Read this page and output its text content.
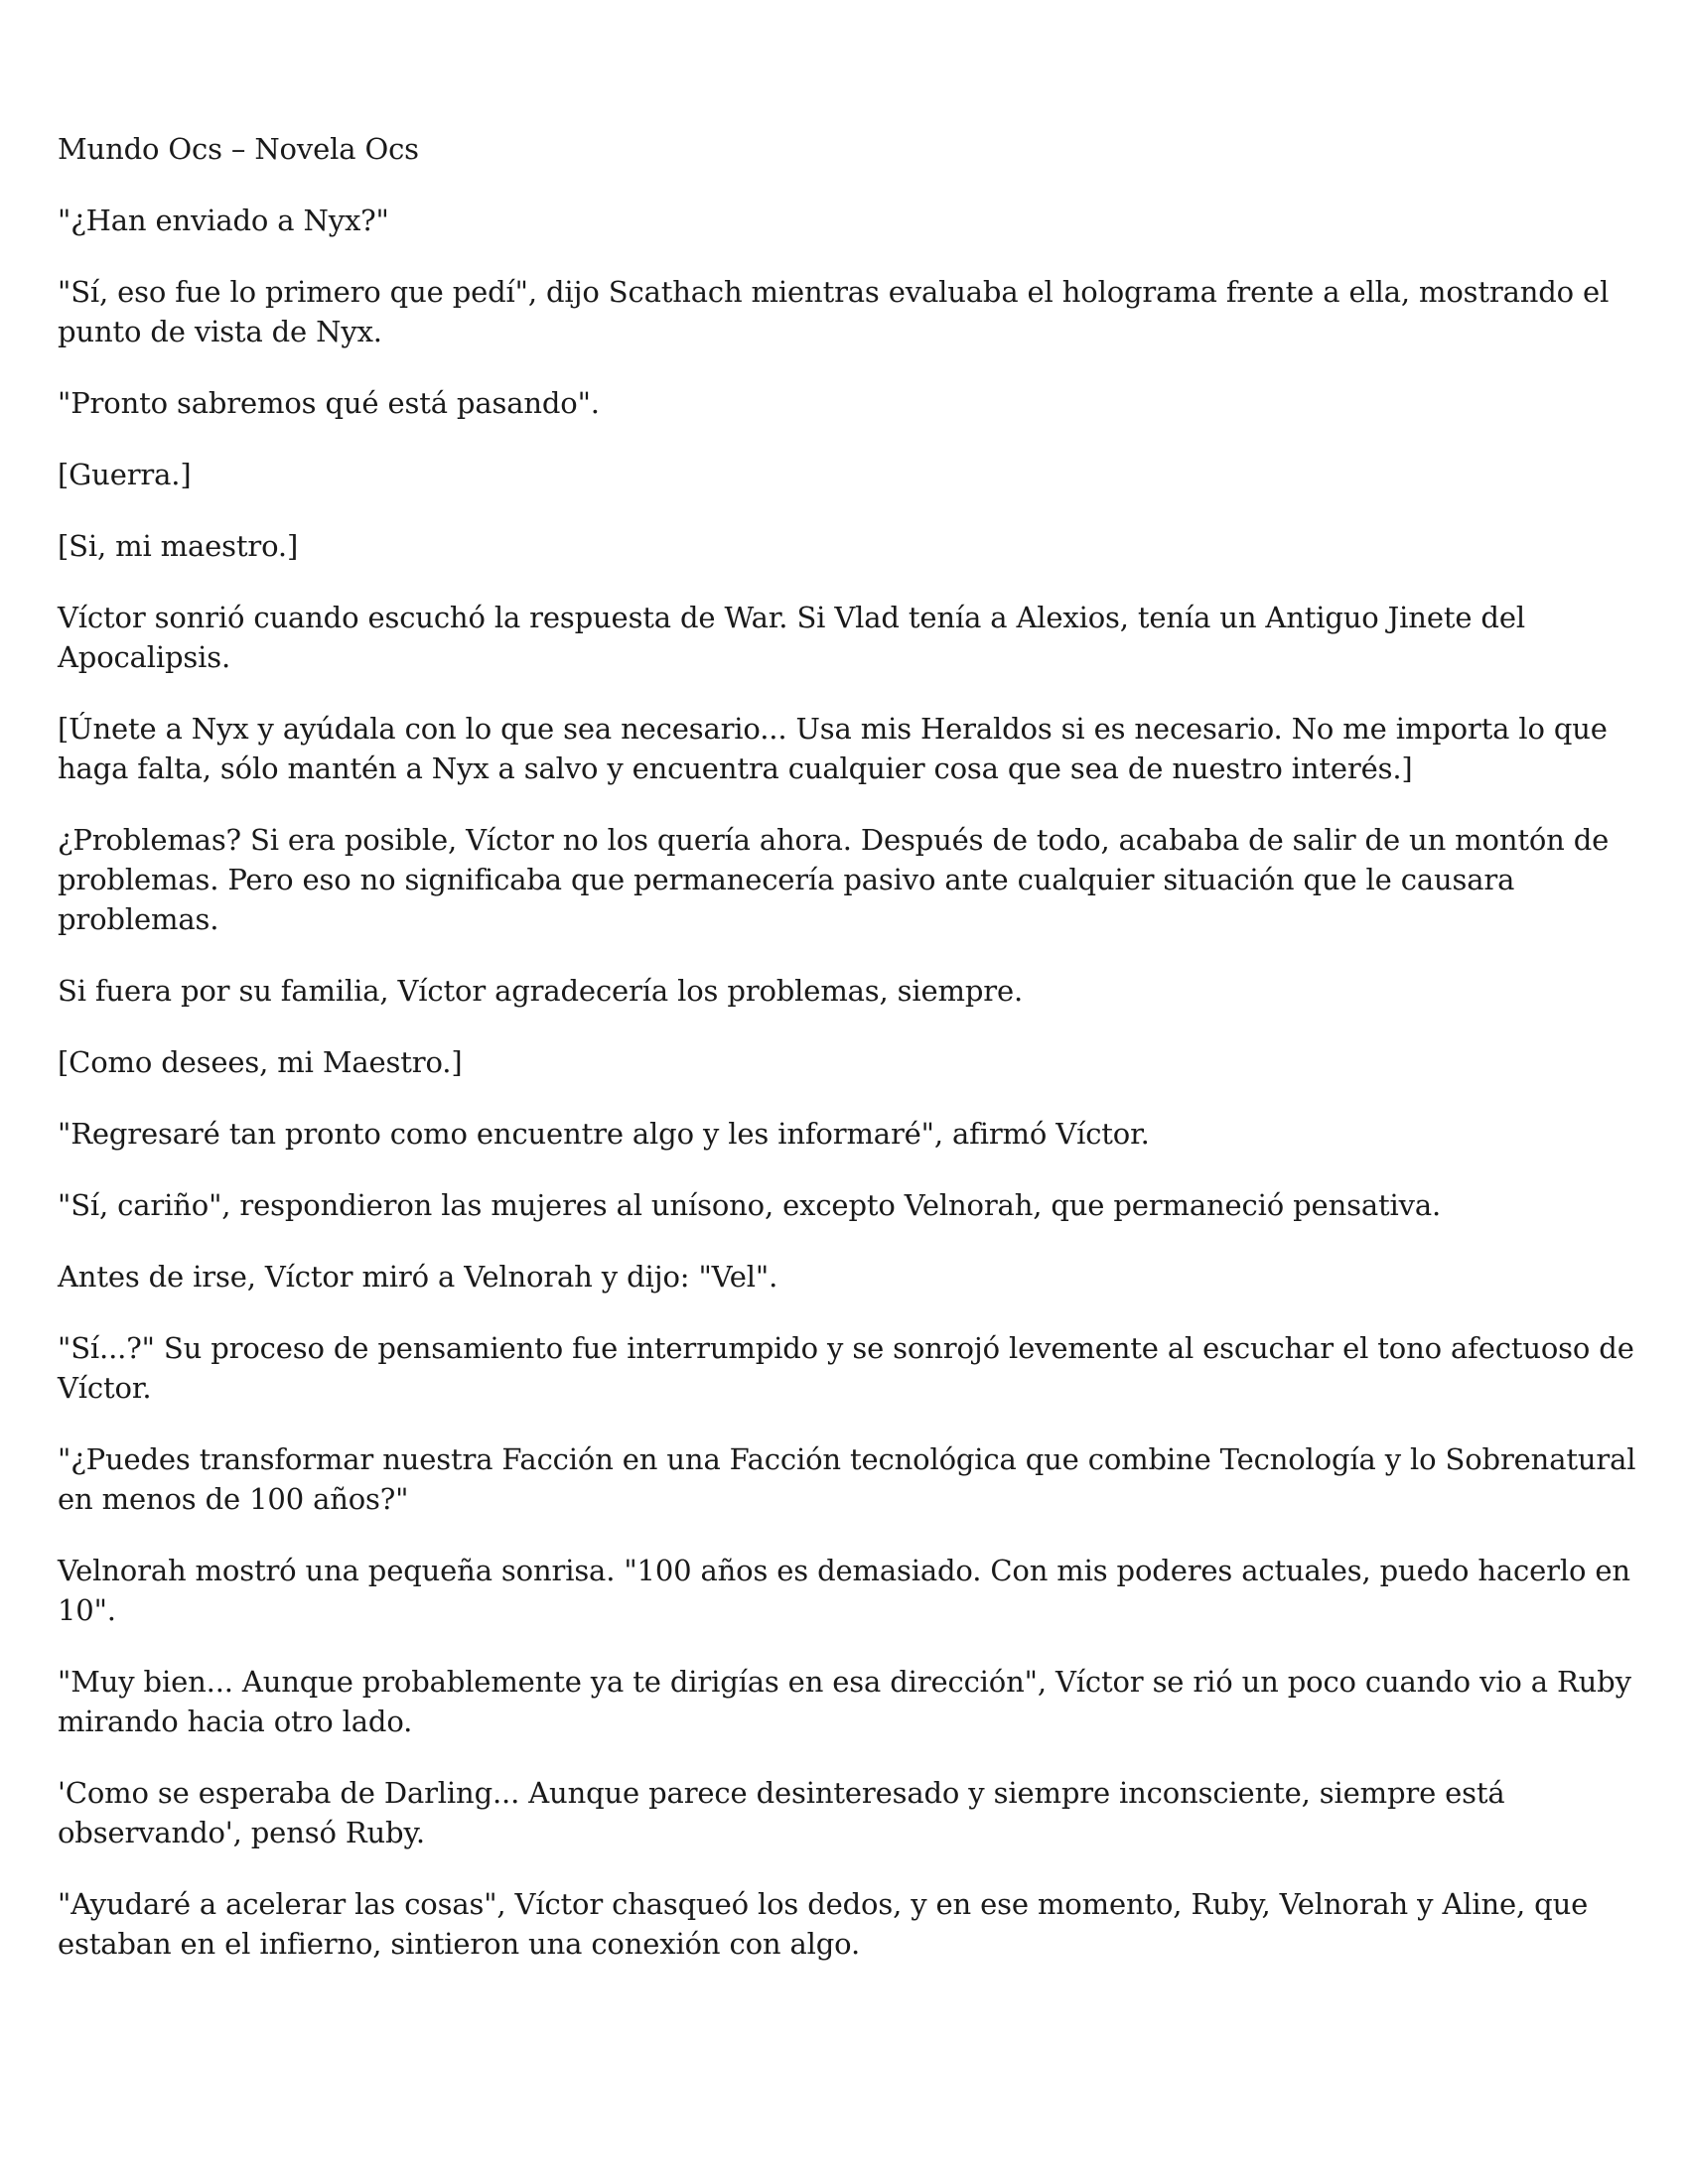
Mundo Ocs – Novela Ocs

"¿Han enviado a Nyx?"

"Sí, eso fue lo primero que pedí", dijo Scathach mientras evaluaba el holograma frente a ella, mostrando el punto de vista de Nyx.

"Pronto sabremos qué está pasando".

[Guerra.]

[Si, mi maestro.]

Víctor sonrió cuando escuchó la respuesta de War. Si Vlad tenía a Alexios, tenía un Antiguo Jinete del Apocalipsis.

[Únete a Nyx y ayúdala con lo que sea necesario... Usa mis Heraldos si es necesario. No me importa lo que haga falta, sólo mantén a Nyx a salvo y encuentra cualquier cosa que sea de nuestro interés.]

¿Problemas? Si era posible, Víctor no los quería ahora. Después de todo, acababa de salir de un montón de problemas. Pero eso no significaba que permanecería pasivo ante cualquier situación que le causara problemas.

Si fuera por su familia, Víctor agradecería los problemas, siempre.

[Como desees, mi Maestro.]

"Regresaré tan pronto como encuentre algo y les informaré", afirmó Víctor.

"Sí, cariño", respondieron las mujeres al unísono, excepto Velnorah, que permaneció pensativa.

Antes de irse, Víctor miró a Velnorah y dijo: "Vel".

"Sí...?" Su proceso de pensamiento fue interrumpido y se sonrojó levemente al escuchar el tono afectuoso de Víctor.

"¿Puedes transformar nuestra Facción en una Facción tecnológica que combine Tecnología y lo Sobrenatural en menos de 100 años?"

Velnorah mostró una pequeña sonrisa. "100 años es demasiado. Con mis poderes actuales, puedo hacerlo en 10".

"Muy bien... Aunque probablemente ya te dirigías en esa dirección", Víctor se rió un poco cuando vio a Ruby mirando hacia otro lado.

'Como se esperaba de Darling... Aunque parece desinteresado y siempre inconsciente, siempre está observando', pensó Ruby.

"Ayudaré a acelerar las cosas", Víctor chasqueó los dedos, y en ese momento, Ruby, Velnorah y Aline, que estaban en el infierno, sintieron una conexión con algo.
